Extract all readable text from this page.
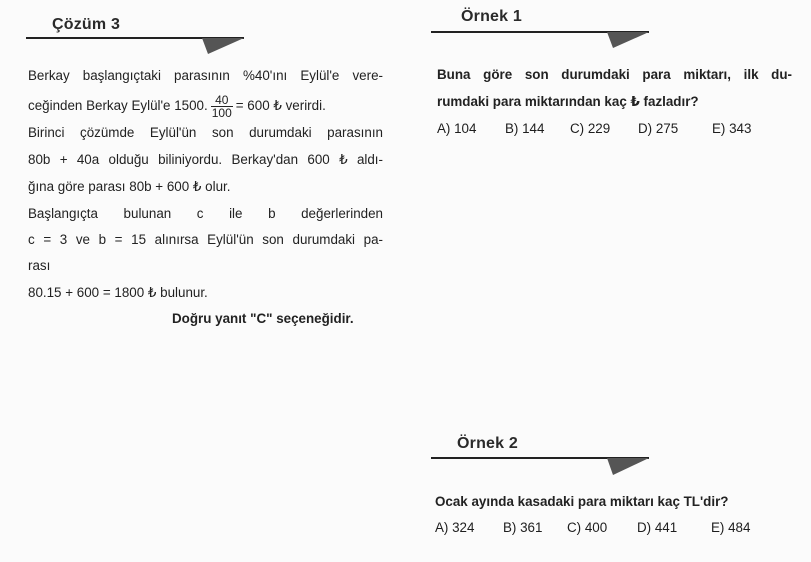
Çözüm 3
Berkay başlangıçtaki parasının %40'ını Eylül'e vere-
ceğinden Berkay Eylül'e 1500. $\frac{40}{100} = 600$ ₺ verirdi.
Birinci çözümde Eylül'ün son durumdaki parasının
80b + 40a olduğu biliniyordu. Berkay'dan 600 ₺ aldı-
ğına göre parası 80b + 600 ₺ olur.
Başlangıçta bulunan c ile b değerlerinden
c = 3 ve b = 15 alınırsa Eylül'ün son durumdaki pa-
rası
80.15 + 600 = 1800 ₺ bulunur.
Doğru yanıt "C" seçeneğidir.
Örnek 1
Buna göre son durumdaki para miktarı, ilk du-
rumdaki para miktarından kaç ₺ fazladır?
A) 104 B) 144 C) 229 D) 275	E) 343
Örnek 2
Ocak ayında kasadaki para miktarı kaç TL'dir?
A) 324 B) 361 C) 400 D) 441	E) 484
